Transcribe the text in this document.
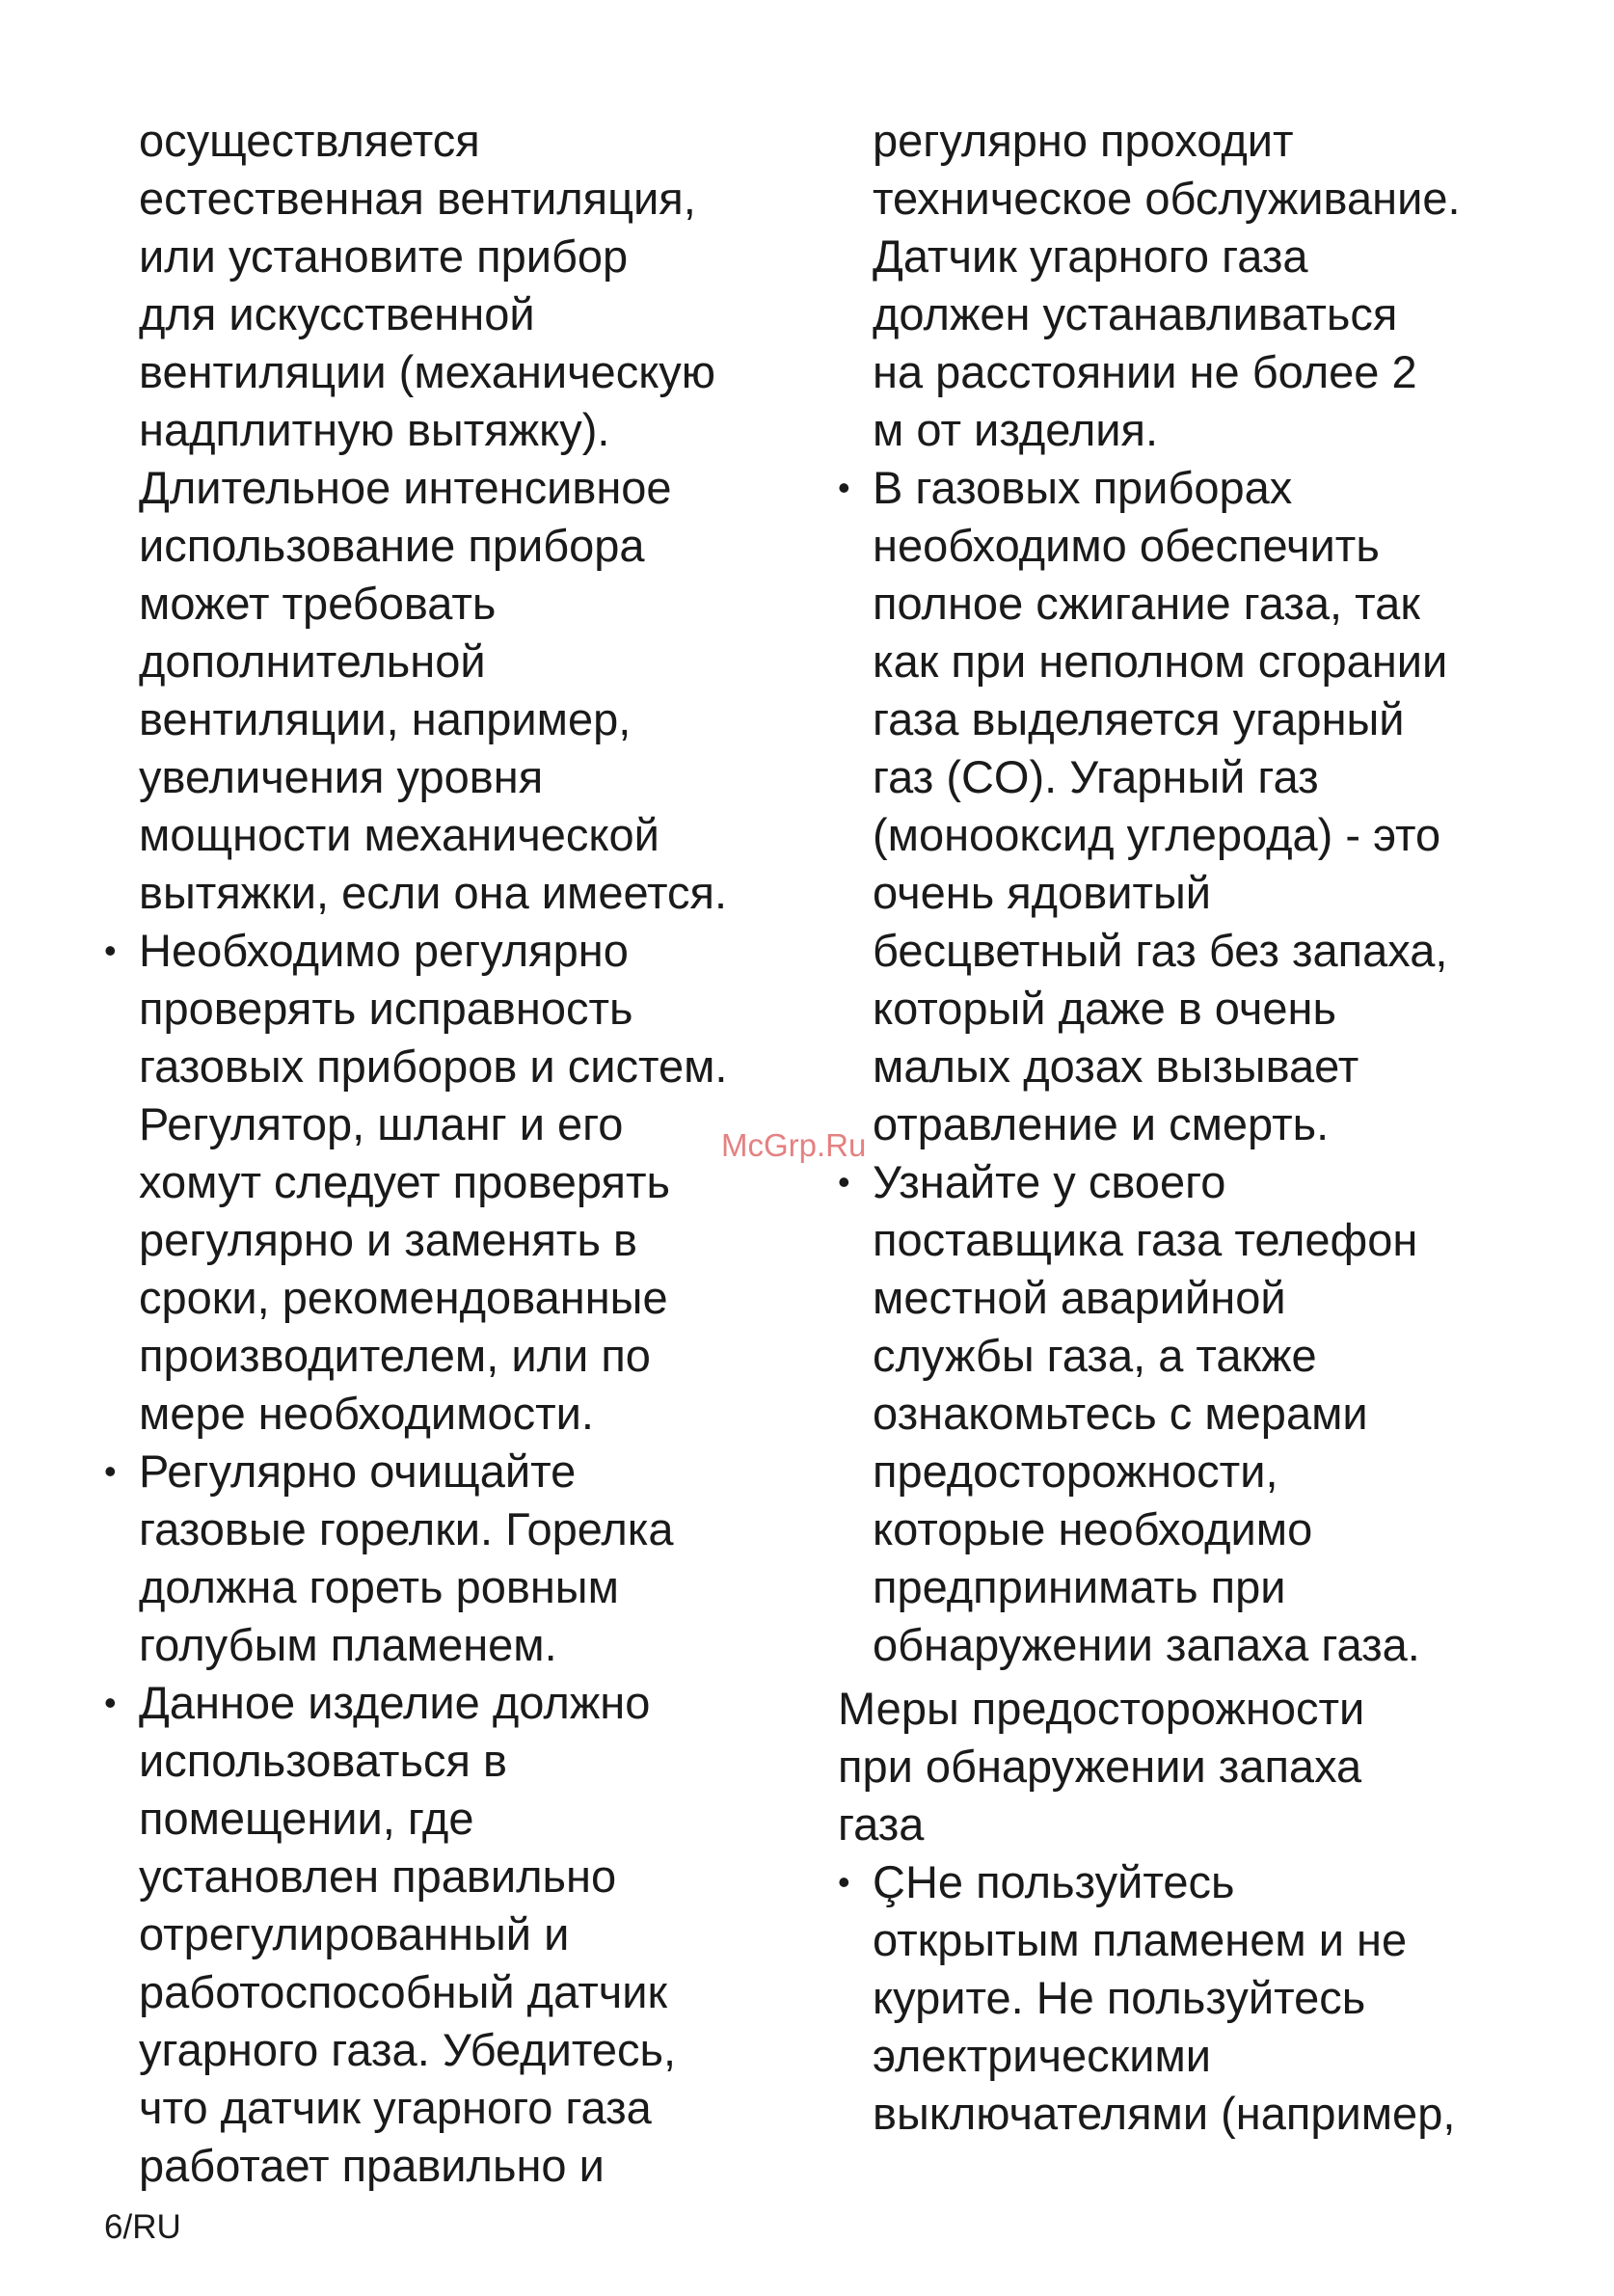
осуществляется
естественная вентиляция,
или установите прибор
для искусственной
вентиляции (механическую
надплитную вытяжку).
Длительное интенсивное
использование прибора
может требовать
дополнительной
вентиляции, например,
увеличения уровня
мощности механической
вытяжки, если она имеется.
• Необходимо регулярно
проверять исправность
газовых приборов и систем.
Регулятор, шланг и его
хомут следует проверять
регулярно и заменять в
сроки, рекомендованные
производителем, или по
мере необходимости.
• Регулярно очищайте
газовые горелки. Горелка
должна гореть ровным
голубым пламенем.
• Данное изделие должно
использоваться в
помещении, где
установлен правильно
отрегулированный и
работоспособный датчик
угарного газа. Убедитесь,
что датчик угарного газа
работает правильно и
регулярно проходит
техническое обслуживание.
Датчик угарного газа
должен устанавливаться
на расстоянии не более 2
м от изделия.
• В газовых приборах
необходимо обеспечить
полное сжигание газа, так
как при неполном сгорании
газа выделяется угарный
газ (CO). Угарный газ
(монооксид углерода) - это
очень ядовитый
бесцветный газ без запаха,
который даже в очень
малых дозах вызывает
отравление и смерть.
• Узнайте у своего
поставщика газа телефон
местной аварийной
службы газа, а также
ознакомьтесь с мерами
предосторожности,
которые необходимо
предпринимать при
обнаружении запаха газа.
Меры предосторожности
при обнаружении запаха
газа
• ÇНе пользуйтесь
открытым пламенем и не
курите. Не пользуйтесь
электрическими
выключателями (например,
McGrp.Ru
6/RU
